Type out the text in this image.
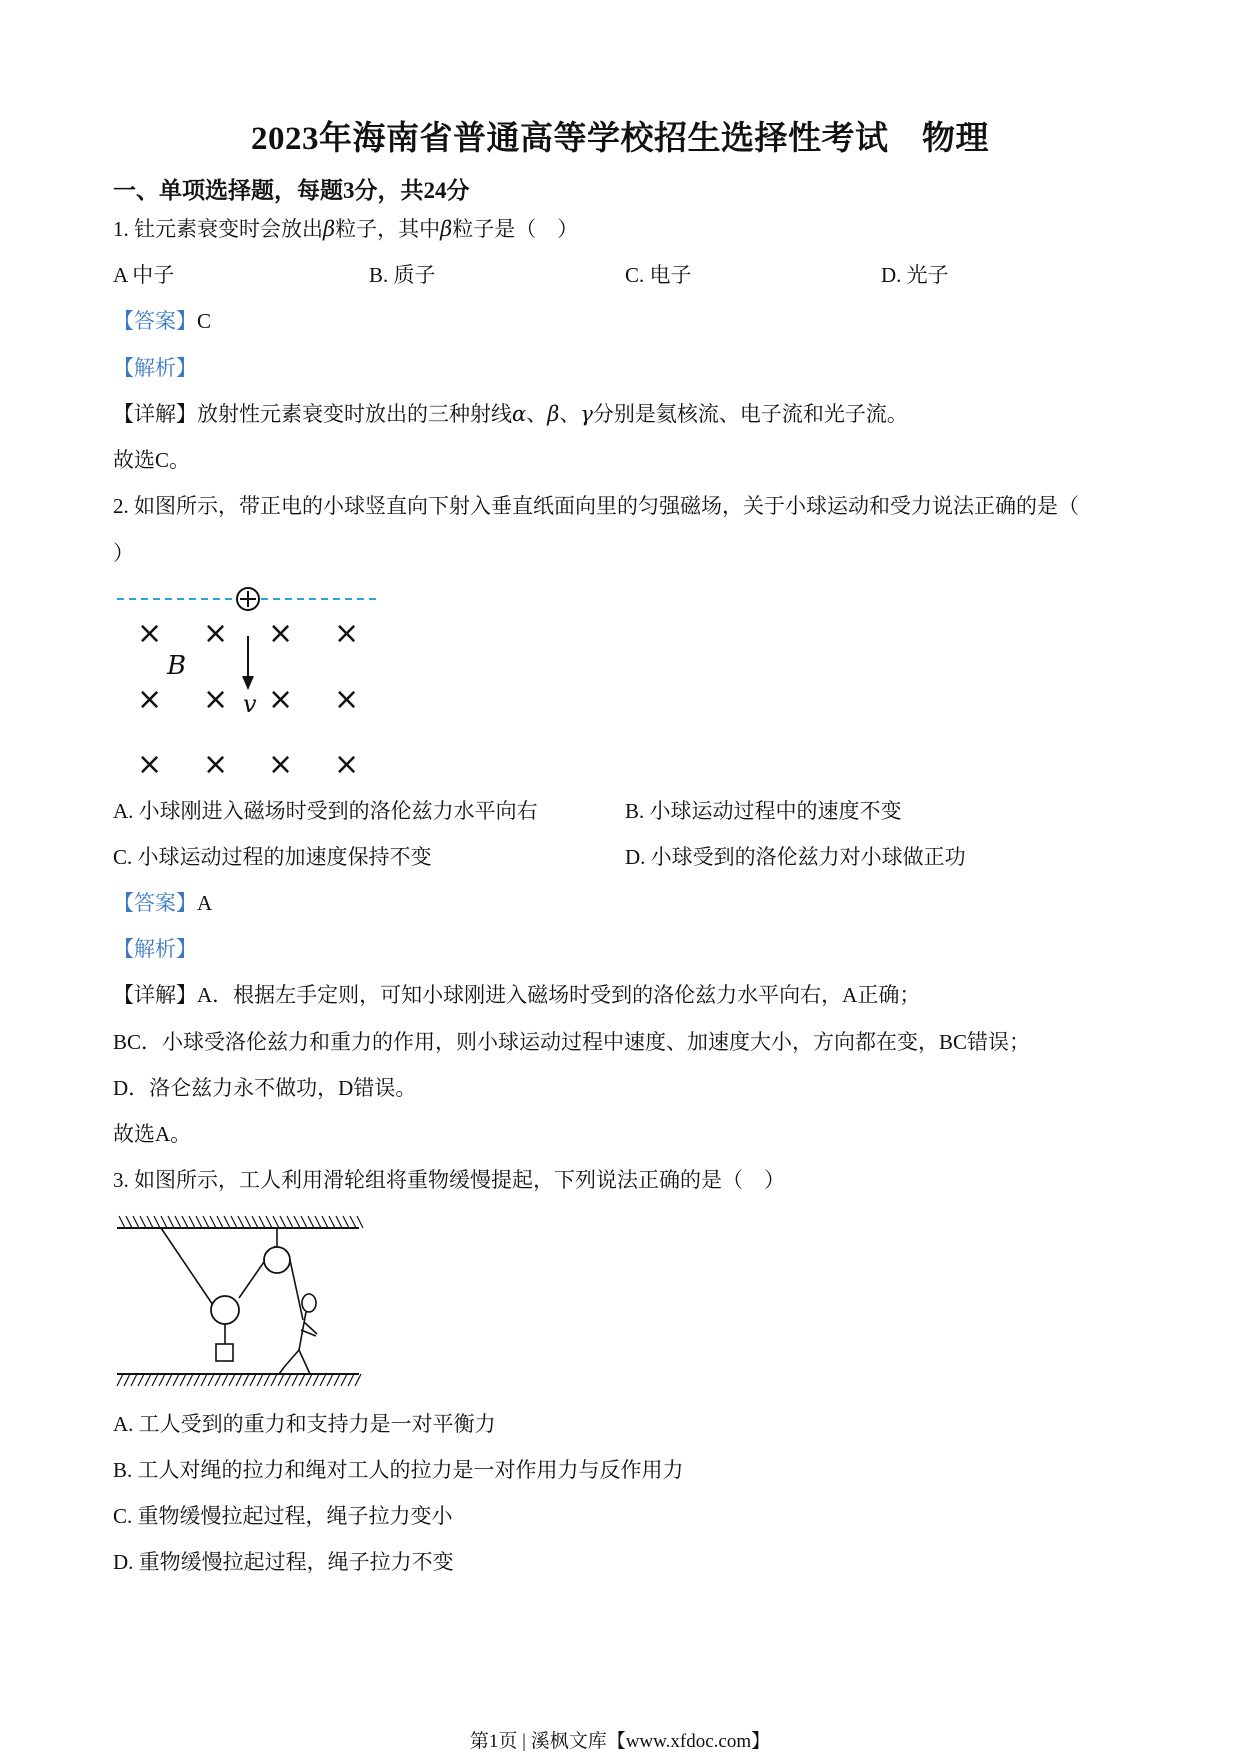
2023年海南省普通高等学校招生选择性考试　物理
一、单项选择题，每题3分，共24分
1. 钍元素衰变时会放出β粒子，其中β粒子是（　）
A 中子	B. 质子	C. 电子	D. 光子
【答案】C
【解析】
【详解】放射性元素衰变时放出的三种射线α、β、γ分别是氦核流、电子流和光子流。
故选C。
2. 如图所示，带正电的小球竖直向下射入垂直纸面向里的匀强磁场，关于小球运动和受力说法正确的是（
）
× × × ×
× × × ×
× × × ×
B
v
A. 小球刚进入磁场时受到的洛伦兹力水平向右	B. 小球运动过程中的速度不变
C. 小球运动过程的加速度保持不变	D. 小球受到的洛伦兹力对小球做正功
【答案】A
【解析】
【详解】A．根据左手定则，可知小球刚进入磁场时受到的洛伦兹力水平向右，A正确；
BC．小球受洛伦兹力和重力的作用，则小球运动过程中速度、加速度大小，方向都在变，BC错误；
D．洛仑兹力永不做功，D错误。
故选A。
3. 如图所示，工人利用滑轮组将重物缓慢提起，下列说法正确的是（　）
A. 工人受到的重力和支持力是一对平衡力
B. 工人对绳的拉力和绳对工人的拉力是一对作用力与反作用力
C. 重物缓慢拉起过程，绳子拉力变小
D. 重物缓慢拉起过程，绳子拉力不变
第1页 | 溪枫文库【www.xfdoc.com】
